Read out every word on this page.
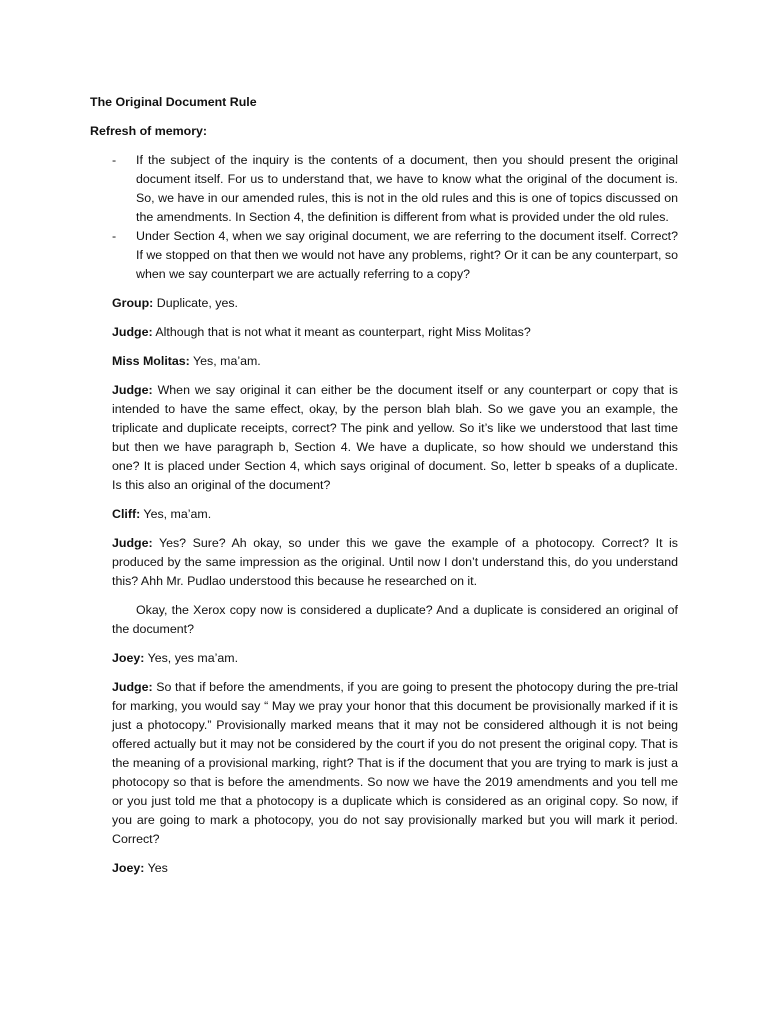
The Original Document Rule

Refresh of memory:

- If the subject of the inquiry is the contents of a document, then you should present the original document itself. For us to understand that, we have to know what the original of the document is. So, we have in our amended rules, this is not in the old rules and this is one of topics discussed on the amendments. In Section 4, the definition is different from what is provided under the old rules.
- Under Section 4, when we say original document, we are referring to the document itself. Correct? If we stopped on that then we would not have any problems, right? Or it can be any counterpart, so when we say counterpart we are actually referring to a copy?

Group: Duplicate, yes.

Judge: Although that is not what it meant as counterpart, right Miss Molitas?

Miss Molitas: Yes, ma’am.

Judge: When we say original it can either be the document itself or any counterpart or copy that is intended to have the same effect, okay, by the person blah blah. So we gave you an example, the triplicate and duplicate receipts, correct? The pink and yellow. So it’s like we understood that last time but then we have paragraph b, Section 4. We have a duplicate, so how should we understand this one? It is placed under Section 4, which says original of document. So, letter b speaks of a duplicate. Is this also an original of the document?

Cliff: Yes, ma’am.

Judge: Yes? Sure? Ah okay, so under this we gave the example of a photocopy. Correct? It is produced by the same impression as the original. Until now I don’t understand this, do you understand this? Ahh Mr. Pudlao understood this because he researched on it.

Okay, the Xerox copy now is considered a duplicate? And a duplicate is considered an original of the document?

Joey: Yes, yes ma’am.

Judge: So that if before the amendments, if you are going to present the photocopy during the pre-trial for marking, you would say “ May we pray your honor that this document be provisionally marked if it is just a photocopy.” Provisionally marked means that it may not be considered although it is not being offered actually but it may not be considered by the court if you do not present the original copy. That is the meaning of a provisional marking, right? That is if the document that you are trying to mark is just a photocopy so that is before the amendments. So now we have the 2019 amendments and you tell me or you just told me that a photocopy is a duplicate which is considered as an original copy. So now, if you are going to mark a photocopy, you do not say provisionally marked but you will mark it period. Correct?

Joey: Yes
